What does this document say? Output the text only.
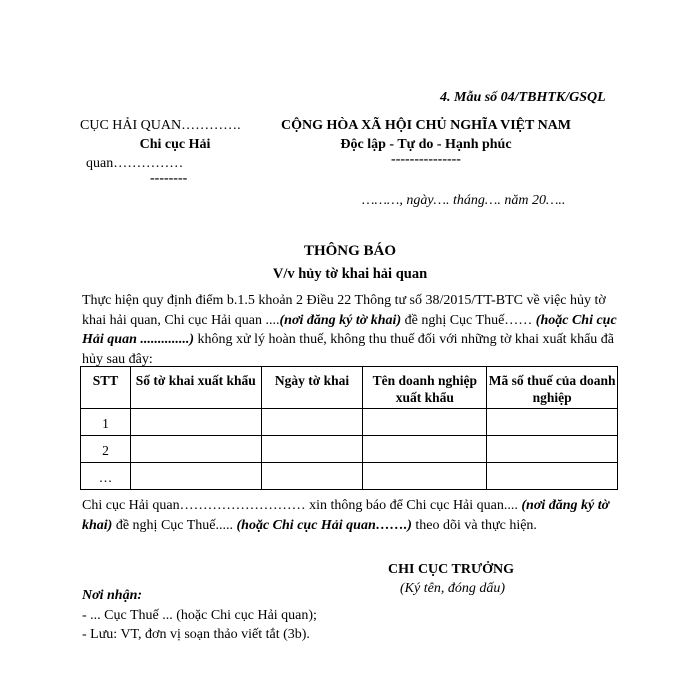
4. Mẫu số 04/TBHTK/GSQL
CỤC HẢI QUAN………….
Chi cục Hải
quan……………
--------
CỘNG HÒA XÃ HỘI CHỦ NGHĨA VIỆT NAM
Độc lập - Tự do - Hạnh phúc
---------------
………, ngày…. tháng…. năm 20…..
THÔNG BÁO
V/v hủy tờ khai hải quan
Thực hiện quy định điểm b.1.5 khoản 2 Điều 22 Thông tư số 38/2015/TT-BTC về việc hủy tờ khai hải quan, Chi cục Hải quan ....(nơi đăng ký tờ khai) đề nghị Cục Thuế…… (hoặc Chi cục Hải quan ..............) không xử lý hoàn thuế, không thu thuế đối với những tờ khai xuất khẩu đã hủy sau đây:
STT	Số tờ khai xuất khẩu	Ngày tờ khai	Tên doanh nghiệp xuất khẩu	Mã số thuế của doanh nghiệp
1				
2				
…				
Chi cục Hải quan……………………… xin thông báo để Chi cục Hải quan.... (nơi đăng ký tờ khai) đề nghị Cục Thuế..... (hoặc Chi cục Hải quan…….) theo dõi và thực hiện.
CHI CỤC TRƯỞNG
(Ký tên, đóng dấu)
Nơi nhận:
- ... Cục Thuế ... (hoặc Chi cục Hải quan);
- Lưu: VT, đơn vị soạn thảo viết tắt (3b).
